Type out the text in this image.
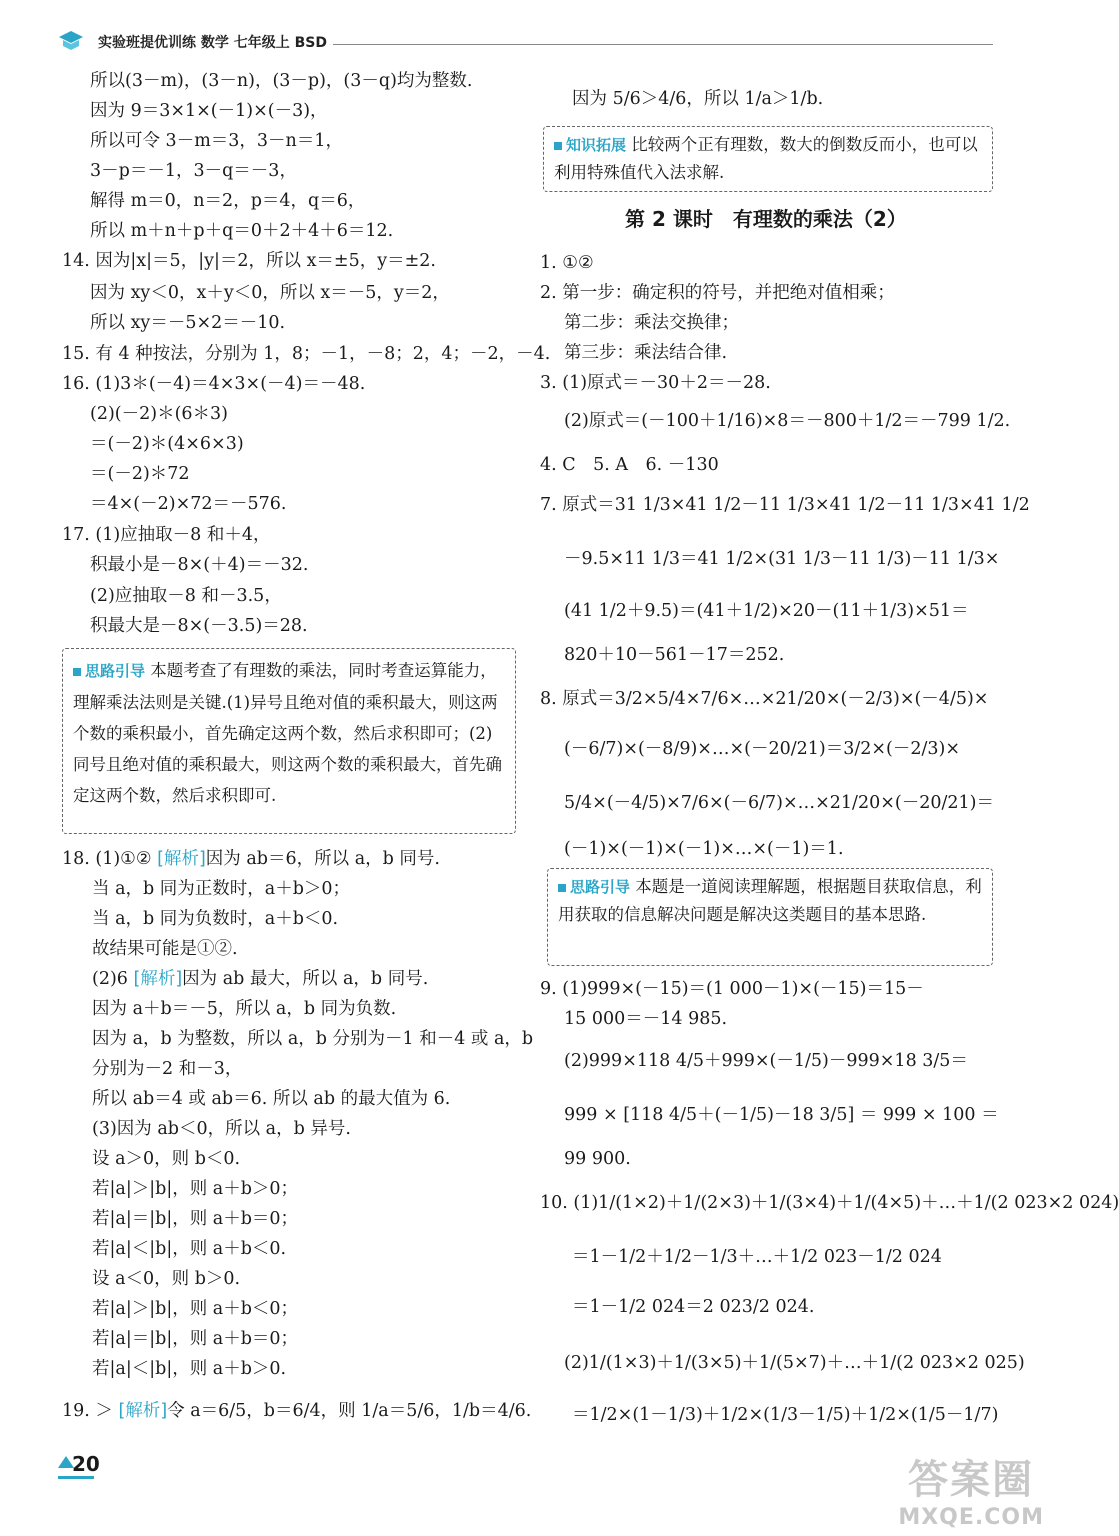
实验班提优训练 数学 七年级上 BSD
所以(3－m)，(3－n)，(3－p)，(3－q)均为整数.
因为 9＝3×1×(－1)×(－3)，
所以可令 3－m＝3，3－n＝1，
3－p＝－1，3－q＝－3，
解得 m＝0，n＝2，p＝4，q＝6，
所以 m＋n＋p＋q＝0＋2＋4＋6＝12.
14. 因为|x|＝5，|y|＝2，所以 x＝±5，y＝±2.
因为 xy＜0，x＋y＜0，所以 x＝－5，y＝2，
所以 xy＝－5×2＝－10.
15. 有 4 种按法，分别为 1，8；－1，－8；2，4；－2，－4.
16. (1)3＊(－4)＝4×3×(－4)＝－48.
(2)(－2)＊(6＊3)
＝(－2)＊(4×6×3)
＝(－2)＊72
＝4×(－2)×72＝－576.
17. (1)应抽取－8 和＋4，
积最小是－8×(＋4)＝－32.
(2)应抽取－8 和－3.5，
积最大是－8×(－3.5)＝28.
思路引导 本题考查了有理数的乘法，同时考查运算能力，理解乘法法则是关键.(1)异号且绝对值的乘积最大，则这两个数的乘积最小，首先确定这两个数，然后求积即可；(2)同号且绝对值的乘积最大，则这两个数的乘积最大，首先确定这两个数，然后求积即可.
18. (1)①② [解析]因为 ab＝6，所以 a，b 同号.
当 a，b 同为正数时，a＋b＞0；
当 a，b 同为负数时，a＋b＜0.
故结果可能是①②.
(2)6 [解析]因为 ab 最大，所以 a，b 同号.
因为 a＋b＝－5，所以 a，b 同为负数.
因为 a，b 为整数，所以 a，b 分别为－1 和－4 或 a，b
分别为－2 和－3，
所以 ab＝4 或 ab＝6. 所以 ab 的最大值为 6.
(3)因为 ab＜0，所以 a，b 异号.
设 a＞0，则 b＜0.
若|a|＞|b|，则 a＋b＞0；
若|a|＝|b|，则 a＋b＝0；
若|a|＜|b|，则 a＋b＜0.
设 a＜0，则 b＞0.
若|a|＞|b|，则 a＋b＜0；
若|a|＝|b|，则 a＋b＝0；
若|a|＜|b|，则 a＋b＞0.
19. ＞ [解析]令 a＝6/5，b＝6/4，则 1/a＝5/6，1/b＝4/6.
因为 5/6＞4/6，所以 1/a＞1/b.
知识拓展 比较两个正有理数，数大的倒数反而小，也可以利用特殊值代入法求解.
第 2 课时　有理数的乘法（2）
1. ①②
2. 第一步：确定积的符号，并把绝对值相乘；
第二步：乘法交换律；
第三步：乘法结合律.
3. (1)原式＝－30＋2＝－28.
(2)原式＝(－100＋1/16)×8＝－800＋1/2＝－799 1/2.
4. C　5. A　6. －130
7. 原式＝31 1/3×41 1/2－11 1/3×41 1/2－11 1/3×41 1/2
－9.5×11 1/3＝41 1/2×(31 1/3－11 1/3)－11 1/3×
(41 1/2＋9.5)＝(41＋1/2)×20－(11＋1/3)×51＝
820＋10－561－17＝252.
8. 原式＝3/2×5/4×7/6×…×21/20×(－2/3)×(－4/5)×
(－6/7)×(－8/9)×…×(－20/21)＝3/2×(－2/3)×
5/4×(－4/5)×7/6×(－6/7)×…×21/20×(－20/21)＝
(－1)×(－1)×(－1)×…×(－1)＝1.
思路引导 本题是一道阅读理解题，根据题目获取信息，利用获取的信息解决问题是解决这类题目的基本思路.
9. (1)999×(－15)＝(1 000－1)×(－15)＝15－
15 000＝－14 985.
(2)999×118 4/5＋999×(－1/5)－999×18 3/5＝
999 × [118 4/5＋(－1/5)－18 3/5] ＝ 999 × 100 ＝
99 900.
10. (1)1/(1×2)＋1/(2×3)＋1/(3×4)＋1/(4×5)＋…＋1/(2 023×2 024)
＝1－1/2＋1/2－1/3＋…＋1/2 023－1/2 024
＝1－1/2 024＝2 023/2 024.
(2)1/(1×3)＋1/(3×5)＋1/(5×7)＋…＋1/(2 023×2 025)
＝1/2×(1－1/3)＋1/2×(1/3－1/5)＋1/2×(1/5－1/7)
20	答案圈
MXQE.COM
